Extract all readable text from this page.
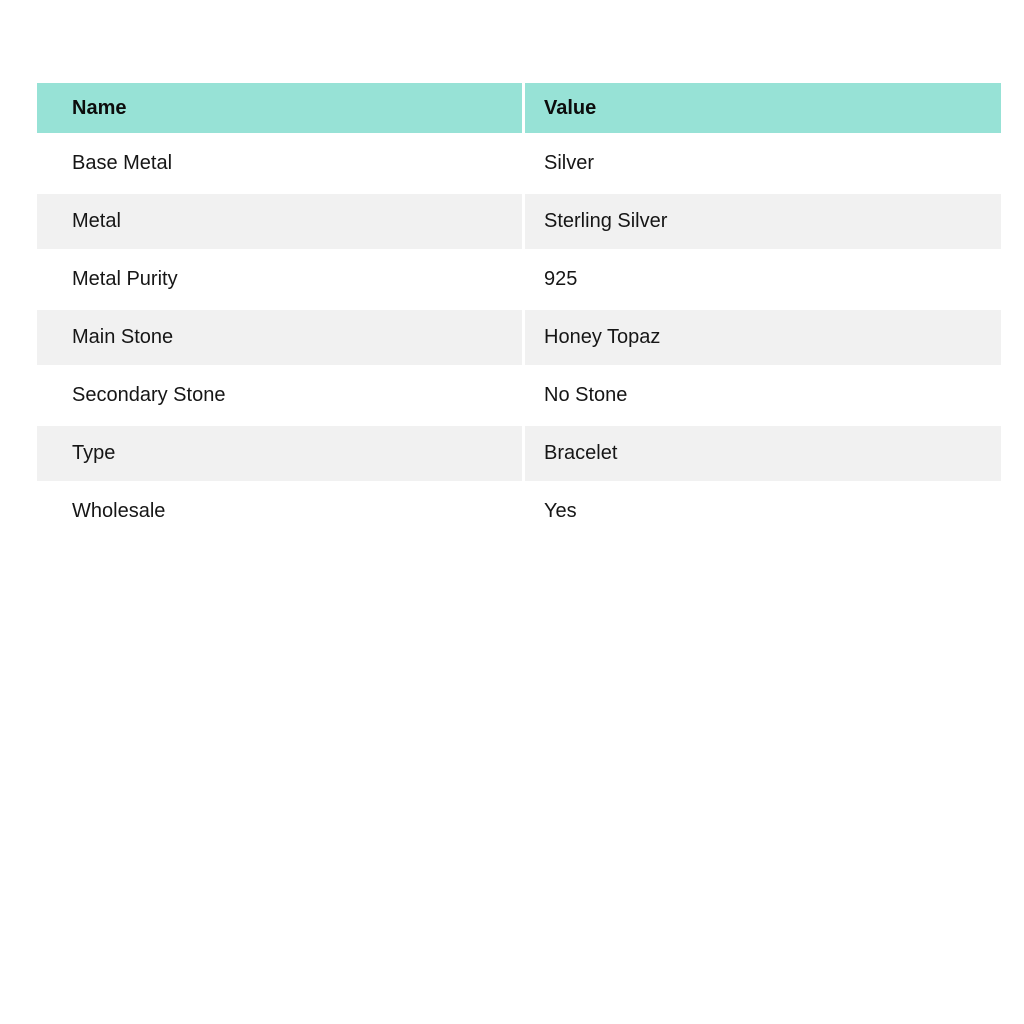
Name	Value
Base Metal	Silver
Metal	Sterling Silver
Metal Purity	925
Main Stone	Honey Topaz
Secondary Stone	No Stone
Type	Bracelet
Wholesale	Yes
